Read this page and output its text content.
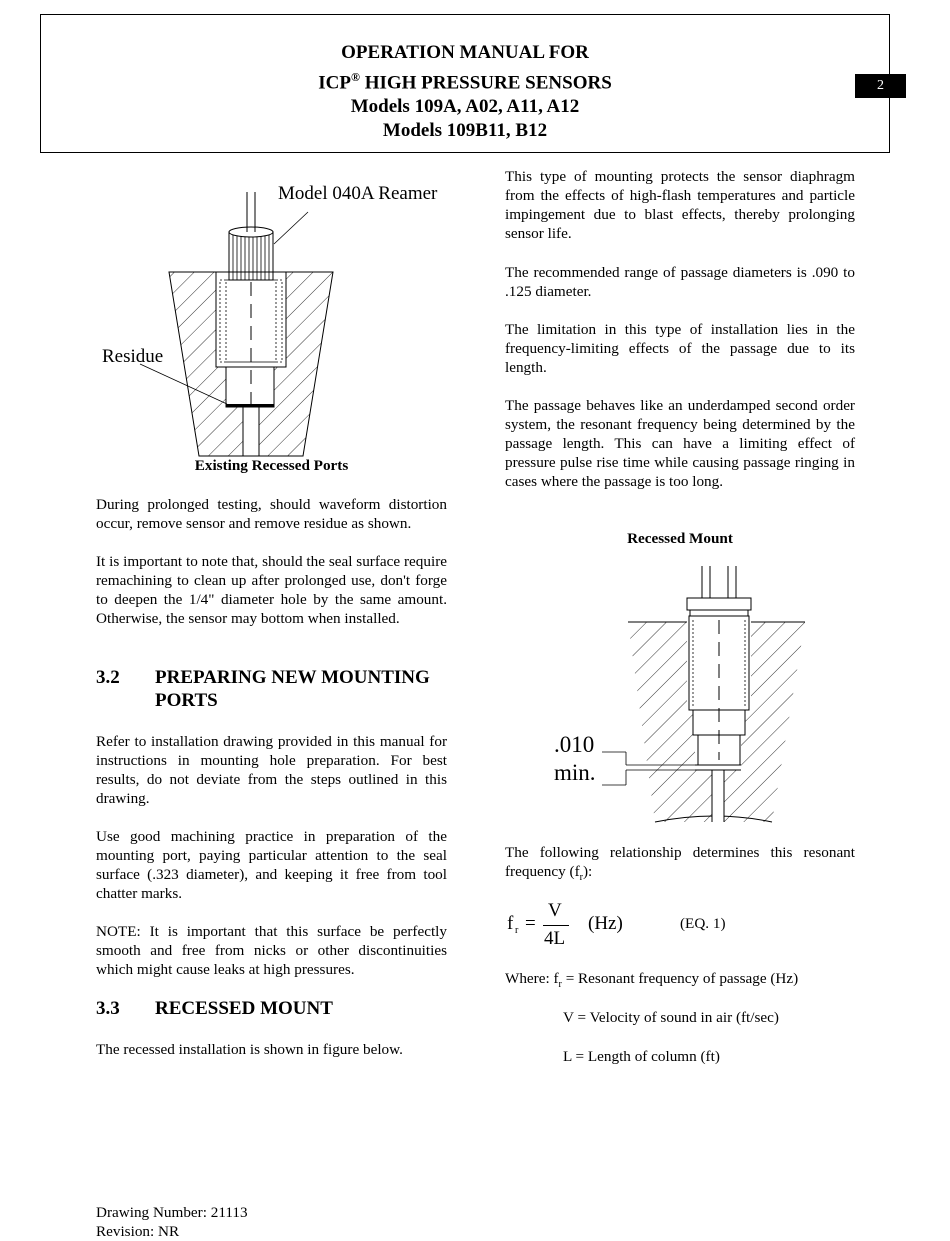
OPERATION MANUAL FOR
ICP® HIGH PRESSURE SENSORS
Models 109A, A02, A11, A12
Models 109B11, B12
2
Model 040A Reamer
Residue
Existing Recessed Ports

During prolonged testing, should waveform distortion occur, remove sensor and remove residue as shown.

It is important to note that, should the seal surface require remachining to clean up after prolonged use, don't forge to deepen the 1/4" diameter hole by the same amount. Otherwise, the sensor may bottom when installed.

3.2 PREPARING NEW MOUNTING PORTS

Refer to installation drawing provided in this manual for instructions in mounting hole preparation. For best results, do not deviate from the steps outlined in this drawing.

Use good machining practice in preparation of the mounting port, paying particular attention to the seal surface (.323 diameter), and keeping it free from tool chatter marks.

NOTE: It is important that this surface be perfectly smooth and free from nicks or other discontinuities which might cause leaks at high pressures.

3.3 RECESSED MOUNT

The recessed installation is shown in figure below.

This type of mounting protects the sensor diaphragm from the effects of high-flash temperatures and particle impingement due to blast effects, thereby prolonging sensor life.

The recommended range of passage diameters is .090 to .125 diameter.

The limitation in this type of installation lies in the frequency-limiting effects of the passage due to its length.

The passage behaves like an underdamped second order system, the resonant frequency being determined by the passage length. This can have a limiting effect of pressure pulse rise time while causing passage ringing in cases where the passage is too long.

Recessed Mount
.010
min.

The following relationship determines this resonant frequency $(f_r)$:

f r =
V
4L
(Hz)	(EQ. 1)

Where: $f_r$ = Resonant frequency of passage (Hz)

V = Velocity of sound in air (ft/sec)

L = Length of column (ft)

Drawing Number: 21113
Revision: NR
